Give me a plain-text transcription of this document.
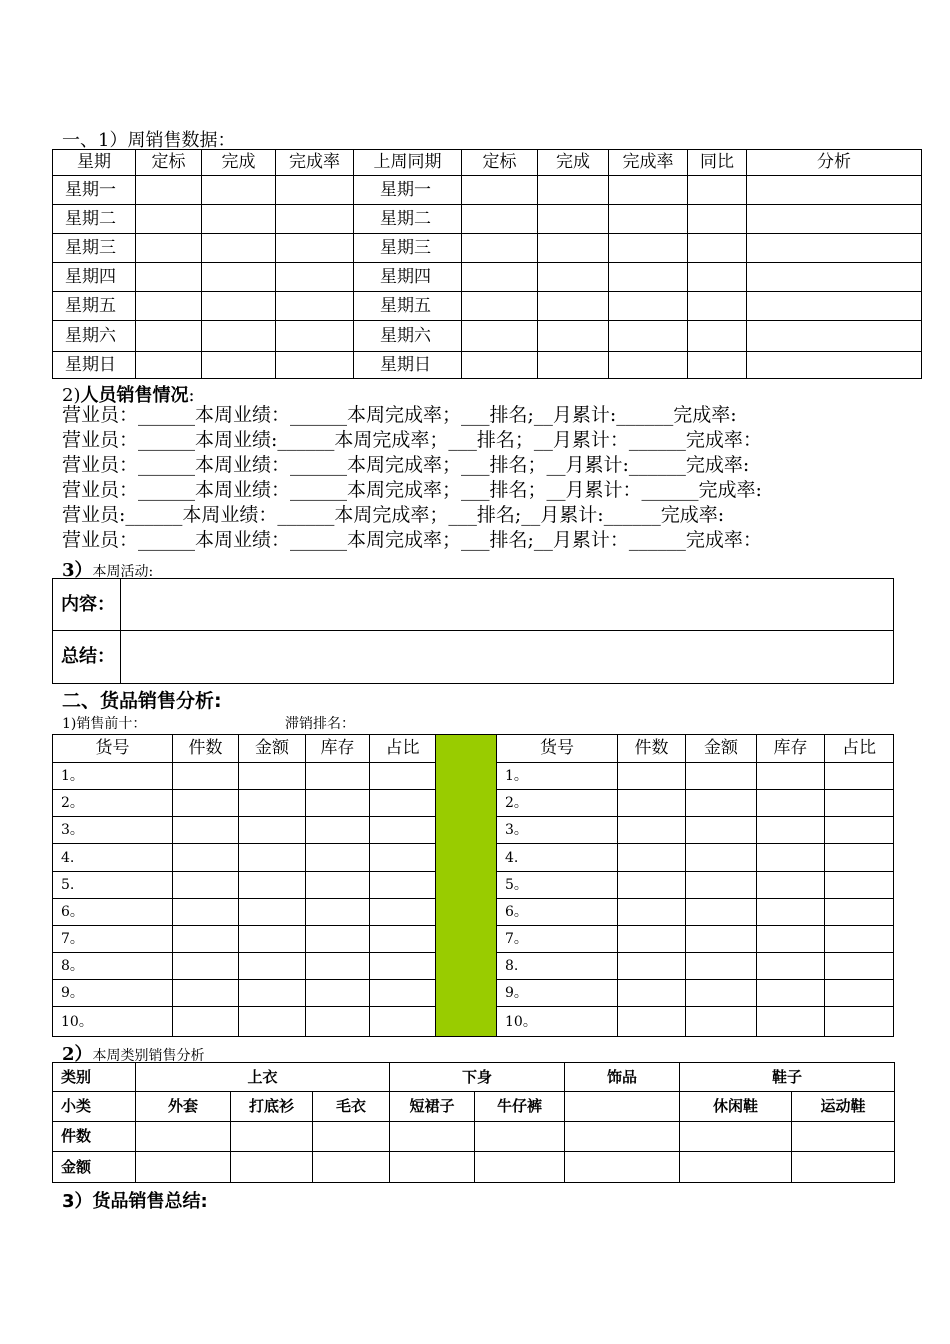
一、1）周销售数据：
星期	定标	完成	完成率	上周同期	定标	完成	完成率	同比	分析
星期一				星期一					
星期二				星期二					
星期三				星期三					
星期四				星期四					
星期五				星期五					
星期六				星期六					
星期日				星期日					
2)人员销售情况:
营业员：______本周业绩：______本周完成率；___排名;__月累计:______完成率:
营业员：______本周业绩:______本周完成率；___排名；__月累计：______完成率：
营业员：______本周业绩：______本周完成率；___排名；__月累计:______完成率:
营业员：______本周业绩：______本周完成率；___排名；__月累计：______完成率:
营业员:______本周业绩：______本周完成率；___排名;__月累计:______完成率:
营业员：______本周业绩：______本周完成率；___排名;__月累计：______完成率：
3）本周活动:
内容：	
总结：	
二、货品销售分析:
1)销售前十：	滞销排名：
货号	件数	金额	库存	占比		货号	件数	金额	库存	占比
1。						1。				
2。						2。				
3。						3。				
4.						4.				
5.						5。				
6。						6。				
7。						7。				
8。						8.				
9。						9。				
10。						10。				
2）本周类别销售分析
类别	上衣			下身		饰品	鞋子	
小类	外套	打底衫	毛衣	短裙子	牛仔裤		休闲鞋	运动鞋
件数								
金额								
3）货品销售总结:
